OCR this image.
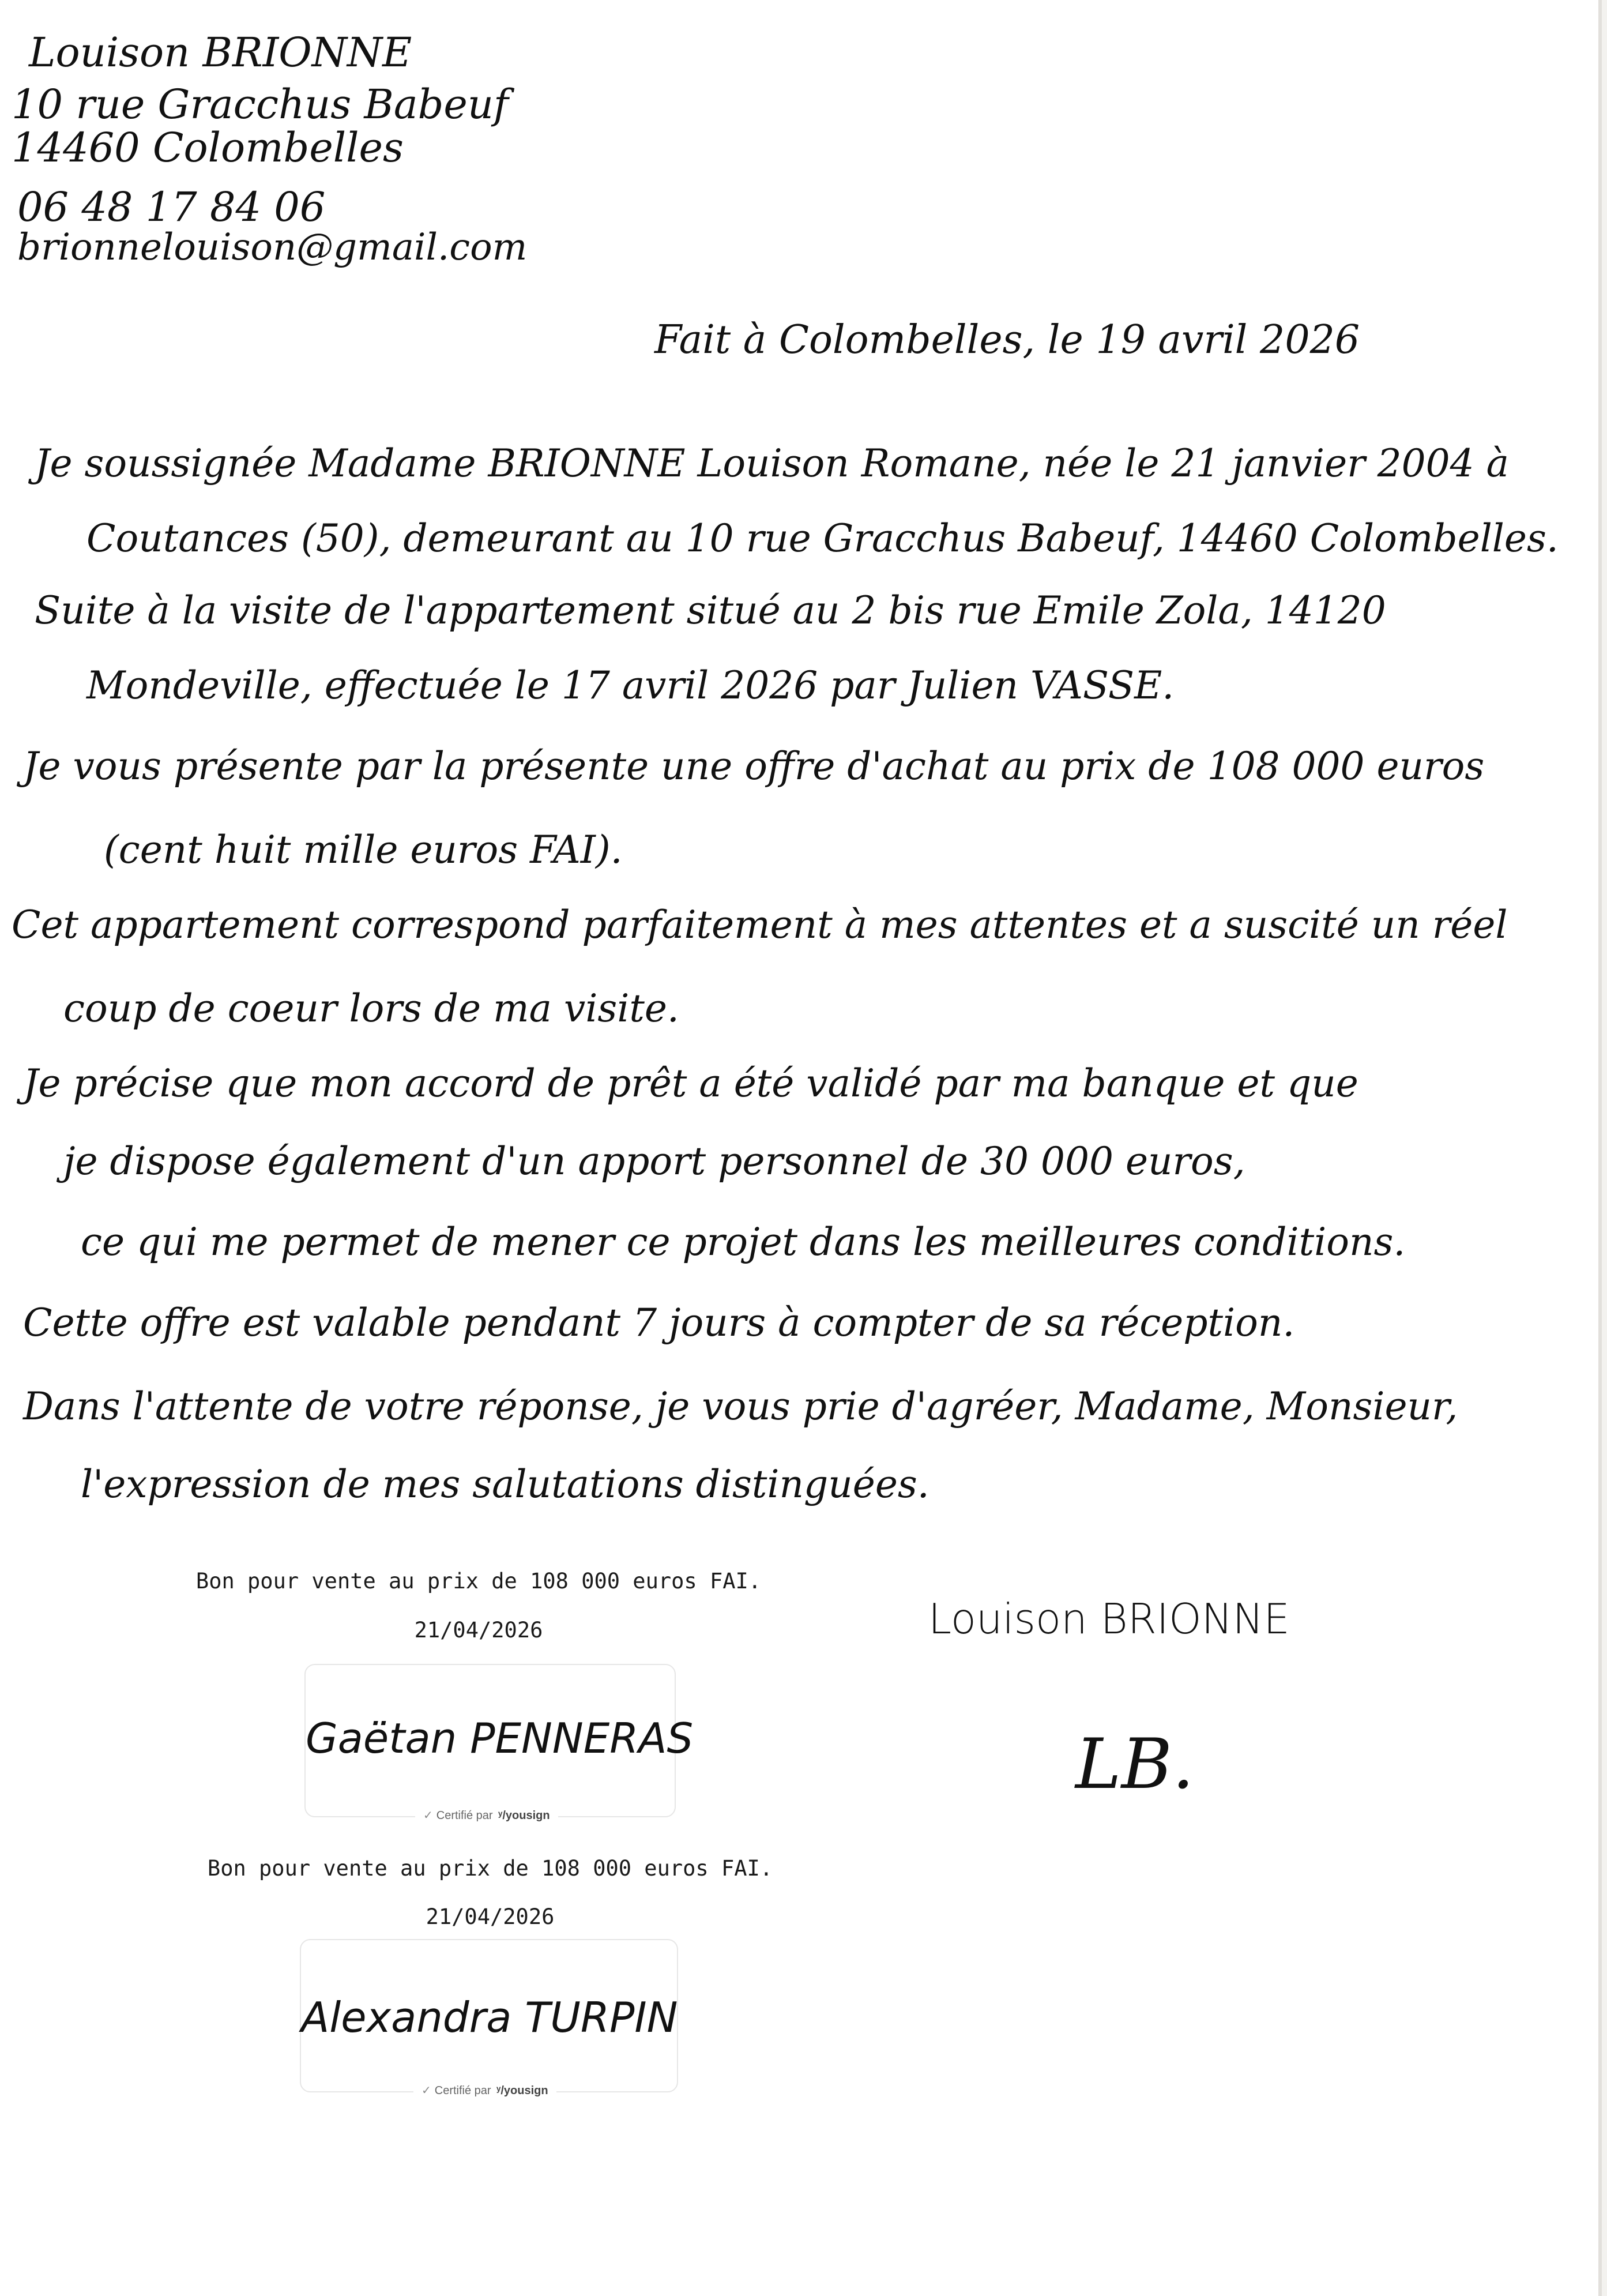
Louison BRIONNE
10 rue Gracchus Babeuf
14460 Colombelles
06 48 17 84 06
brionnelouison@gmail.com
Fait à Colombelles, le 19 avril 2026
Je soussignée Madame BRIONNE Louison Romane, née le 21 janvier 2004 à
Coutances (50), demeurant au 10 rue Gracchus Babeuf, 14460 Colombelles.
Suite à la visite de l'appartement situé au 2 bis rue Emile Zola, 14120
Mondeville, effectuée le 17 avril 2026 par Julien VASSE.
Je vous présente par la présente une offre d'achat au prix de 108 000 euros
(cent huit mille euros FAI).
Cet appartement correspond parfaitement à mes attentes et a suscité un réel
coup de coeur lors de ma visite.
Je précise que mon accord de prêt a été validé par ma banque et que
je dispose également d'un apport personnel de 30 000 euros,
ce qui me permet de mener ce projet dans les meilleures conditions.
Cette offre est valable pendant 7 jours à compter de sa réception.
Dans l'attente de votre réponse, je vous prie d'agréer, Madame, Monsieur,
l'expression de mes salutations distinguées.
Bon pour vente au prix de 108 000 euros FAI.
21/04/2026
Gaëtan PENNERAS
✓ Certifié par ʸ/yousign
Bon pour vente au prix de 108 000 euros FAI.
21/04/2026
Alexandra TURPIN
✓ Certifié par ʸ/yousign
Louison BRIONNE
LB.
